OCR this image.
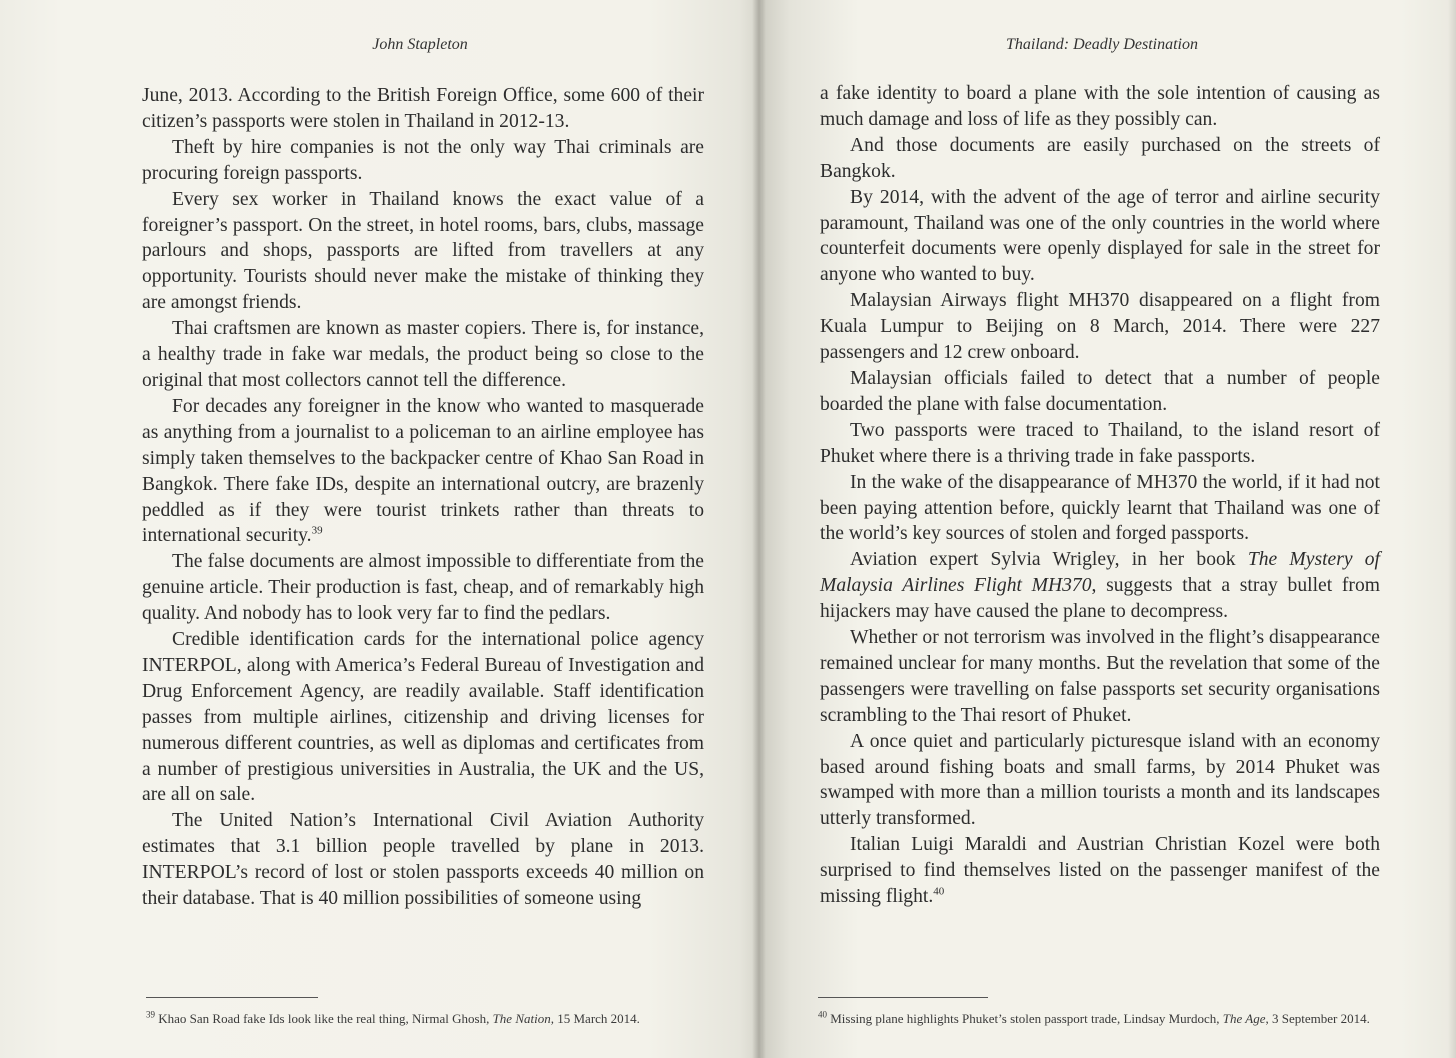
John Stapleton

June, 2013. According to the British Foreign Office, some 600 of their citizen’s passports were stolen in Thailand in 2012-13.

Theft by hire companies is not the only way Thai criminals are procuring foreign passports.

Every sex worker in Thailand knows the exact value of a foreigner’s passport. On the street, in hotel rooms, bars, clubs, massage parlours and shops, passports are lifted from travellers at any opportunity. Tourists should never make the mistake of thinking they are amongst friends.

Thai craftsmen are known as master copiers. There is, for instance, a healthy trade in fake war medals, the product being so close to the original that most collectors cannot tell the difference.

For decades any foreigner in the know who wanted to masquerade as anything from a journalist to a policeman to an airline employee has simply taken themselves to the backpacker centre of Khao San Road in Bangkok. There fake IDs, despite an international outcry, are brazenly peddled as if they were tourist trinkets rather than threats to international security.$^{39}$

The false documents are almost impossible to differentiate from the genuine article. Their production is fast, cheap, and of remarkably high quality. And nobody has to look very far to find the pedlars.

Credible identification cards for the international police agency INTERPOL, along with America’s Federal Bureau of Investigation and Drug Enforcement Agency, are readily available. Staff identification passes from multiple airlines, citizenship and driving licenses for numerous different countries, as well as diplomas and certificates from a number of prestigious universities in Australia, the UK and the US, are all on sale.

The United Nation’s International Civil Aviation Authority estimates that 3.1 billion people travelled by plane in 2013. INTERPOL’s record of lost or stolen passports exceeds 40 million on their database. That is 40 million possibilities of someone using

$^{39}$ Khao San Road fake Ids look like the real thing, Nirmal Ghosh, The Nation, 15 March 2014.
Thailand: Deadly Destination

a fake identity to board a plane with the sole intention of causing as much damage and loss of life as they possibly can.

And those documents are easily purchased on the streets of Bangkok.

By 2014, with the advent of the age of terror and airline security paramount, Thailand was one of the only countries in the world where counterfeit documents were openly displayed for sale in the street for anyone who wanted to buy.

Malaysian Airways flight MH370 disappeared on a flight from Kuala Lumpur to Beijing on 8 March, 2014. There were 227 passengers and 12 crew onboard.

Malaysian officials failed to detect that a number of people boarded the plane with false documentation.

Two passports were traced to Thailand, to the island resort of Phuket where there is a thriving trade in fake passports.

In the wake of the disappearance of MH370 the world, if it had not been paying attention before, quickly learnt that Thailand was one of the world’s key sources of stolen and forged passports.

Aviation expert Sylvia Wrigley, in her book The Mystery of Malaysia Airlines Flight MH370, suggests that a stray bullet from hijackers may have caused the plane to decompress.

Whether or not terrorism was involved in the flight’s disappearance remained unclear for many months. But the revelation that some of the passengers were travelling on false passports set security organisations scrambling to the Thai resort of Phuket.

A once quiet and particularly picturesque island with an economy based around fishing boats and small farms, by 2014 Phuket was swamped with more than a million tourists a month and its landscapes utterly transformed.

Italian Luigi Maraldi and Austrian Christian Kozel were both surprised to find themselves listed on the passenger manifest of the missing flight.$^{40}$

$^{40}$ Missing plane highlights Phuket’s stolen passport trade, Lindsay Murdoch, The Age, 3 September 2014.
